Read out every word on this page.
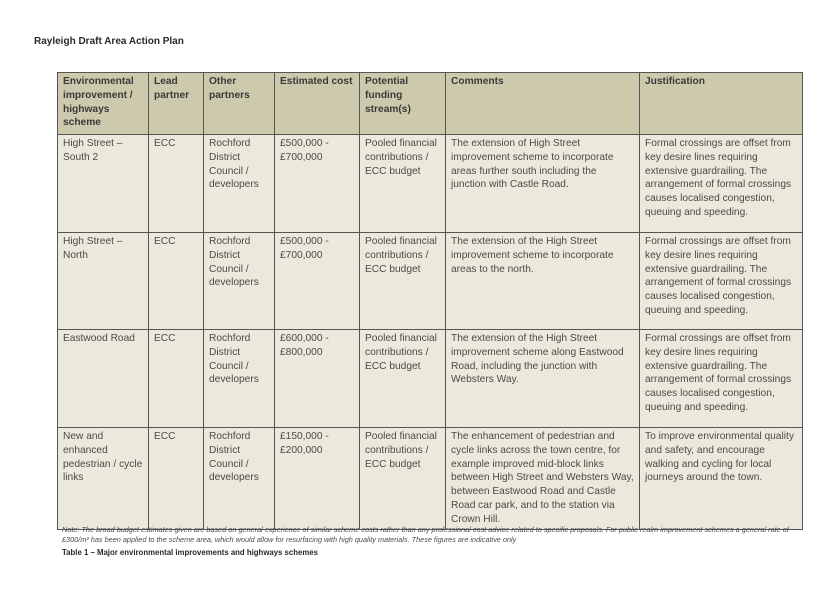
Rayleigh Draft Area Action Plan
Environmental improvement / highways scheme	Lead partner	Other partners	Estimated cost	Potential funding stream(s)	Comments	Justification
High Street – South 2	ECC	Rochford District Council / developers	£500,000 - £700,000	Pooled financial contributions / ECC budget	The extension of High Street improvement scheme to incorporate areas further south including the junction with Castle Road.	Formal crossings are offset from key desire lines requiring extensive guardrailing. The arrangement of formal crossings causes localised congestion, queuing and speeding.
High Street – North	ECC	Rochford District Council / developers	£500,000 - £700,000	Pooled financial contributions / ECC budget	The extension of the High Street improvement scheme to incorporate areas to the north.	Formal crossings are offset from key desire lines requiring extensive guardrailing. The arrangement of formal crossings causes localised congestion, queuing and speeding.
Eastwood Road	ECC	Rochford District Council / developers	£600,000 - £800,000	Pooled financial contributions / ECC budget	The extension of the High Street improvement scheme along Eastwood Road, including the junction with Websters Way.	Formal crossings are offset from key desire lines requiring extensive guardrailing. The arrangement of formal crossings causes localised congestion, queuing and speeding.
New and enhanced pedestrian / cycle links	ECC	Rochford District Council / developers	£150,000 - £200,000	Pooled financial contributions / ECC budget	The enhancement of pedestrian and cycle links across the town centre, for example improved mid-block links between High Street and Websters Way, between Eastwood Road and Castle Road car park, and to the station via Crown Hill.	To improve environmental quality and safety, and encourage walking and cycling for local journeys around the town.
Note: The broad budget estimates given are based on general experience of similar scheme costs rather than any professional cost advice related to specific proposals. For public realm improvement schemes a general rate of £300/m² has been applied to the scheme area, which would allow for resurfacing with high quality materials. These figures are indicative only
Table 1 – Major environmental improvements and highways schemes
